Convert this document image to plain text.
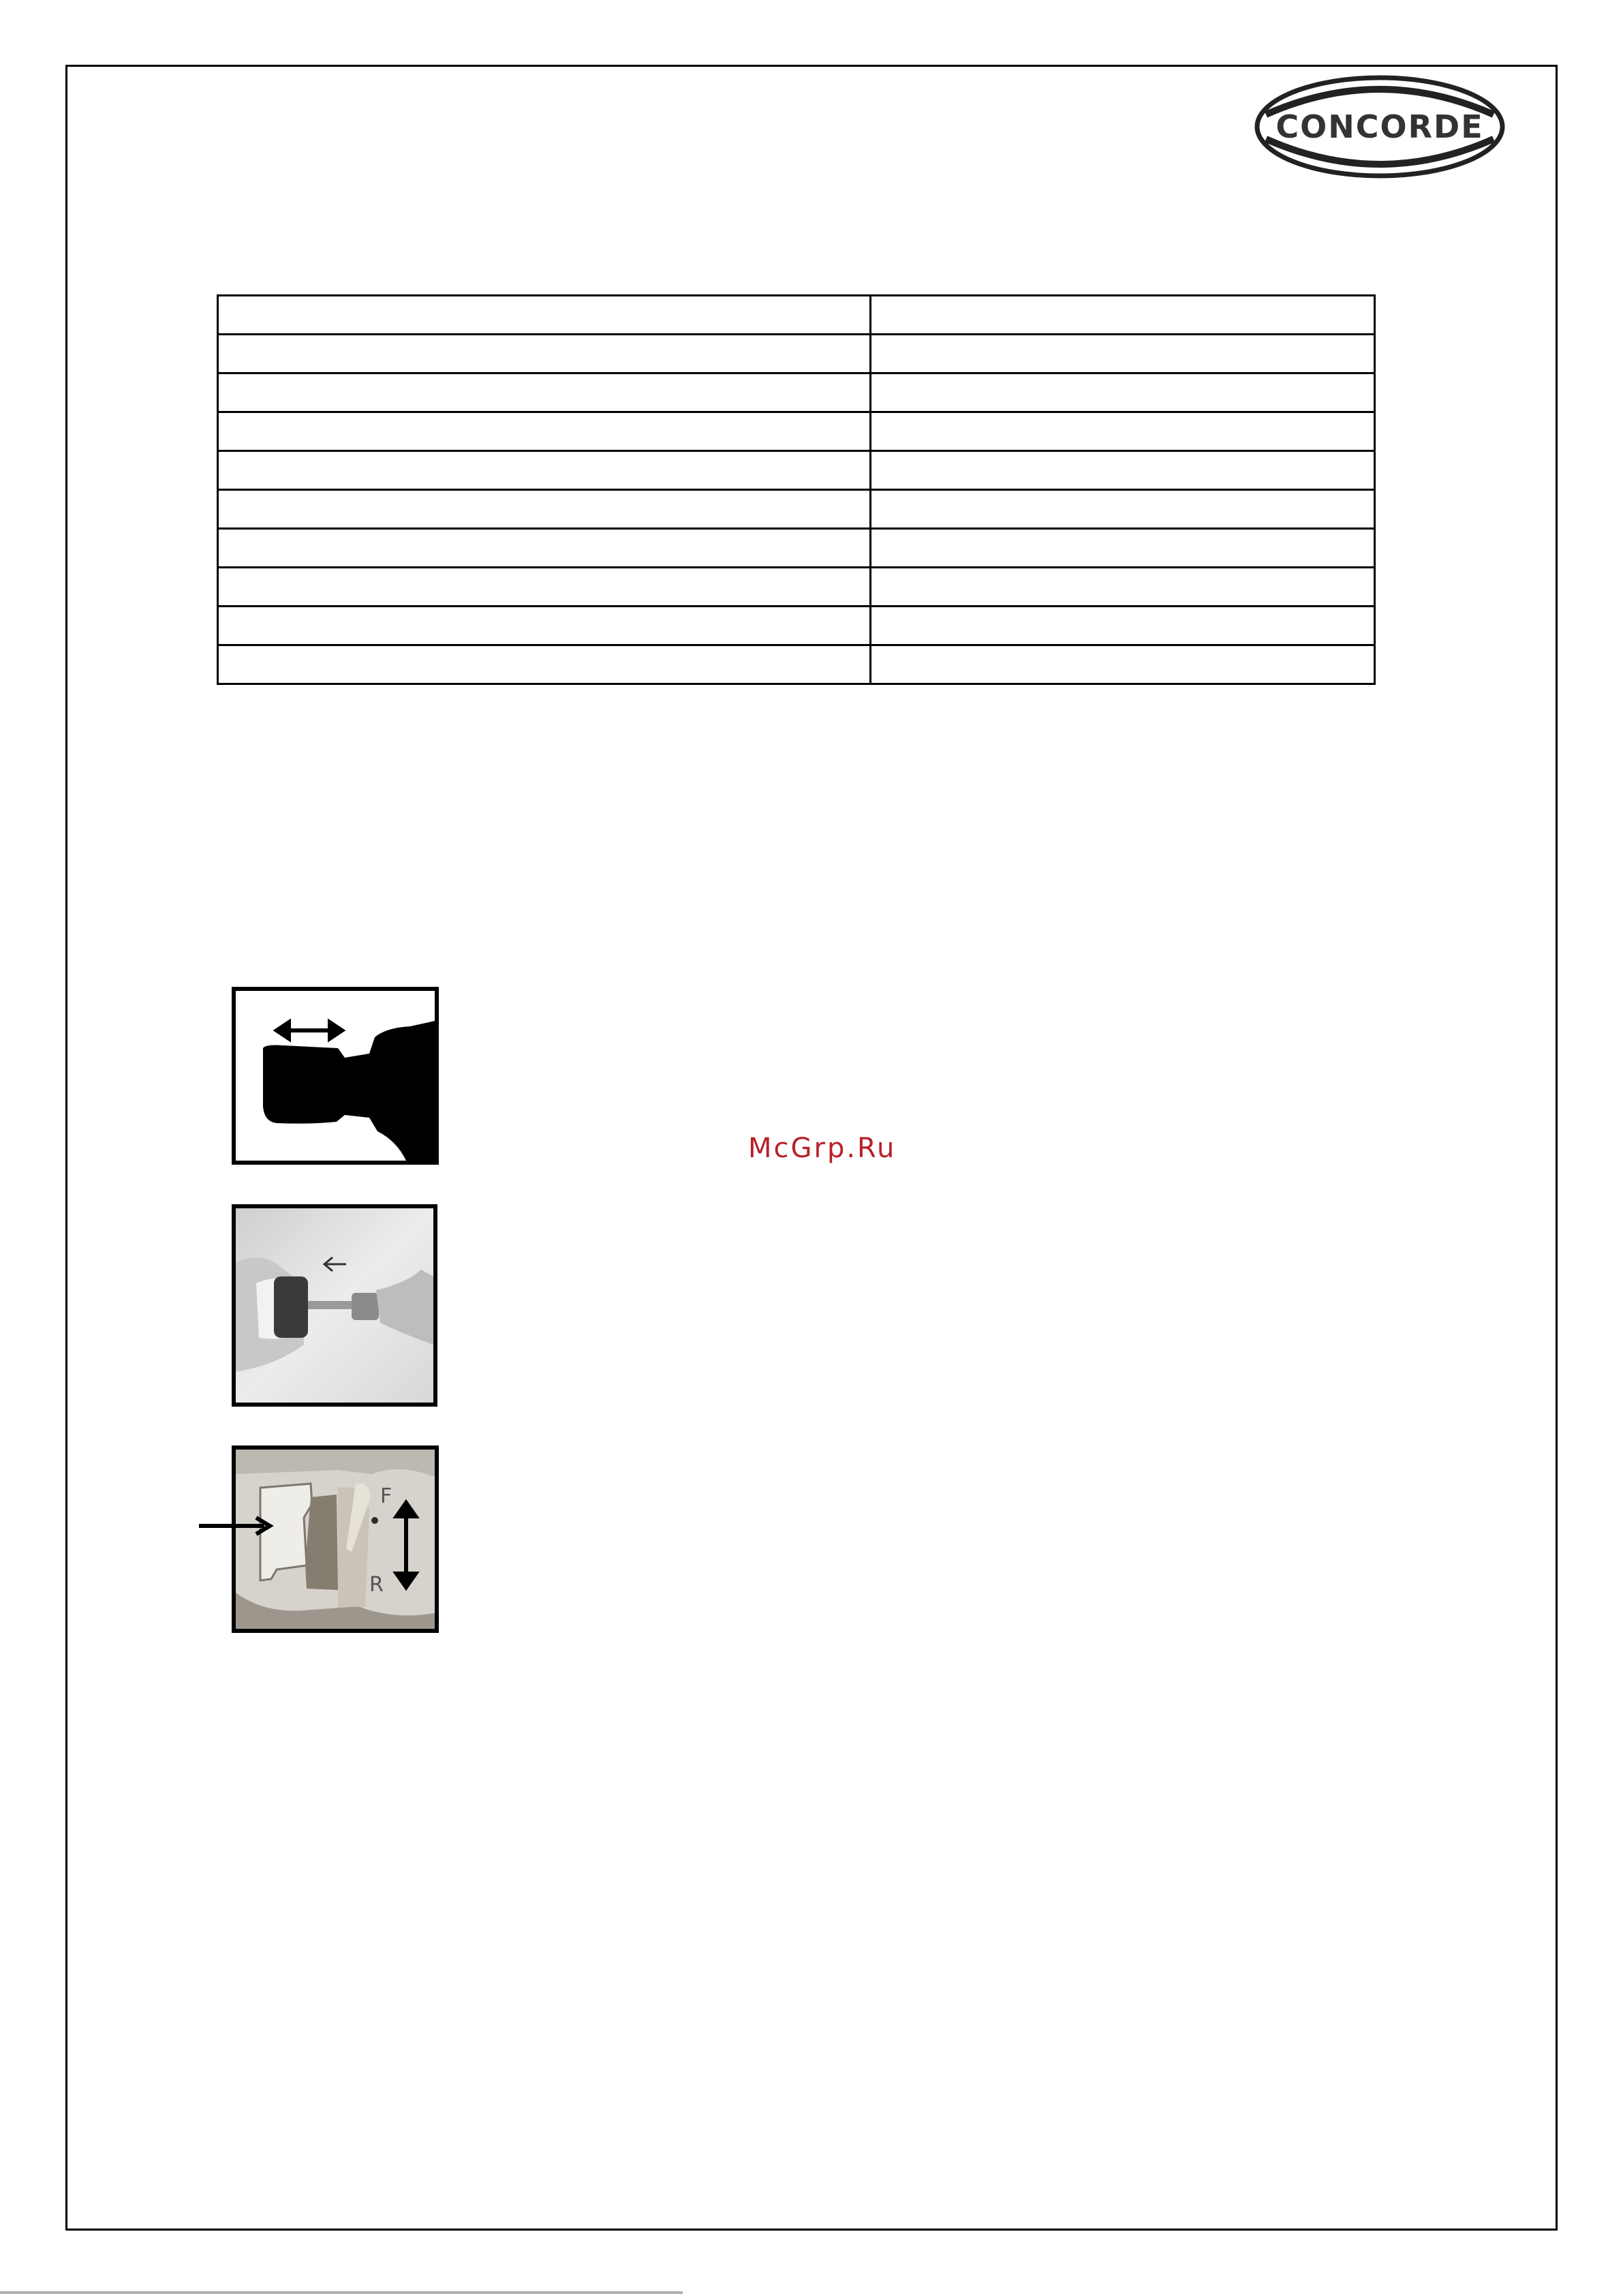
CONCORDE

F
R
McGrp.Ru
